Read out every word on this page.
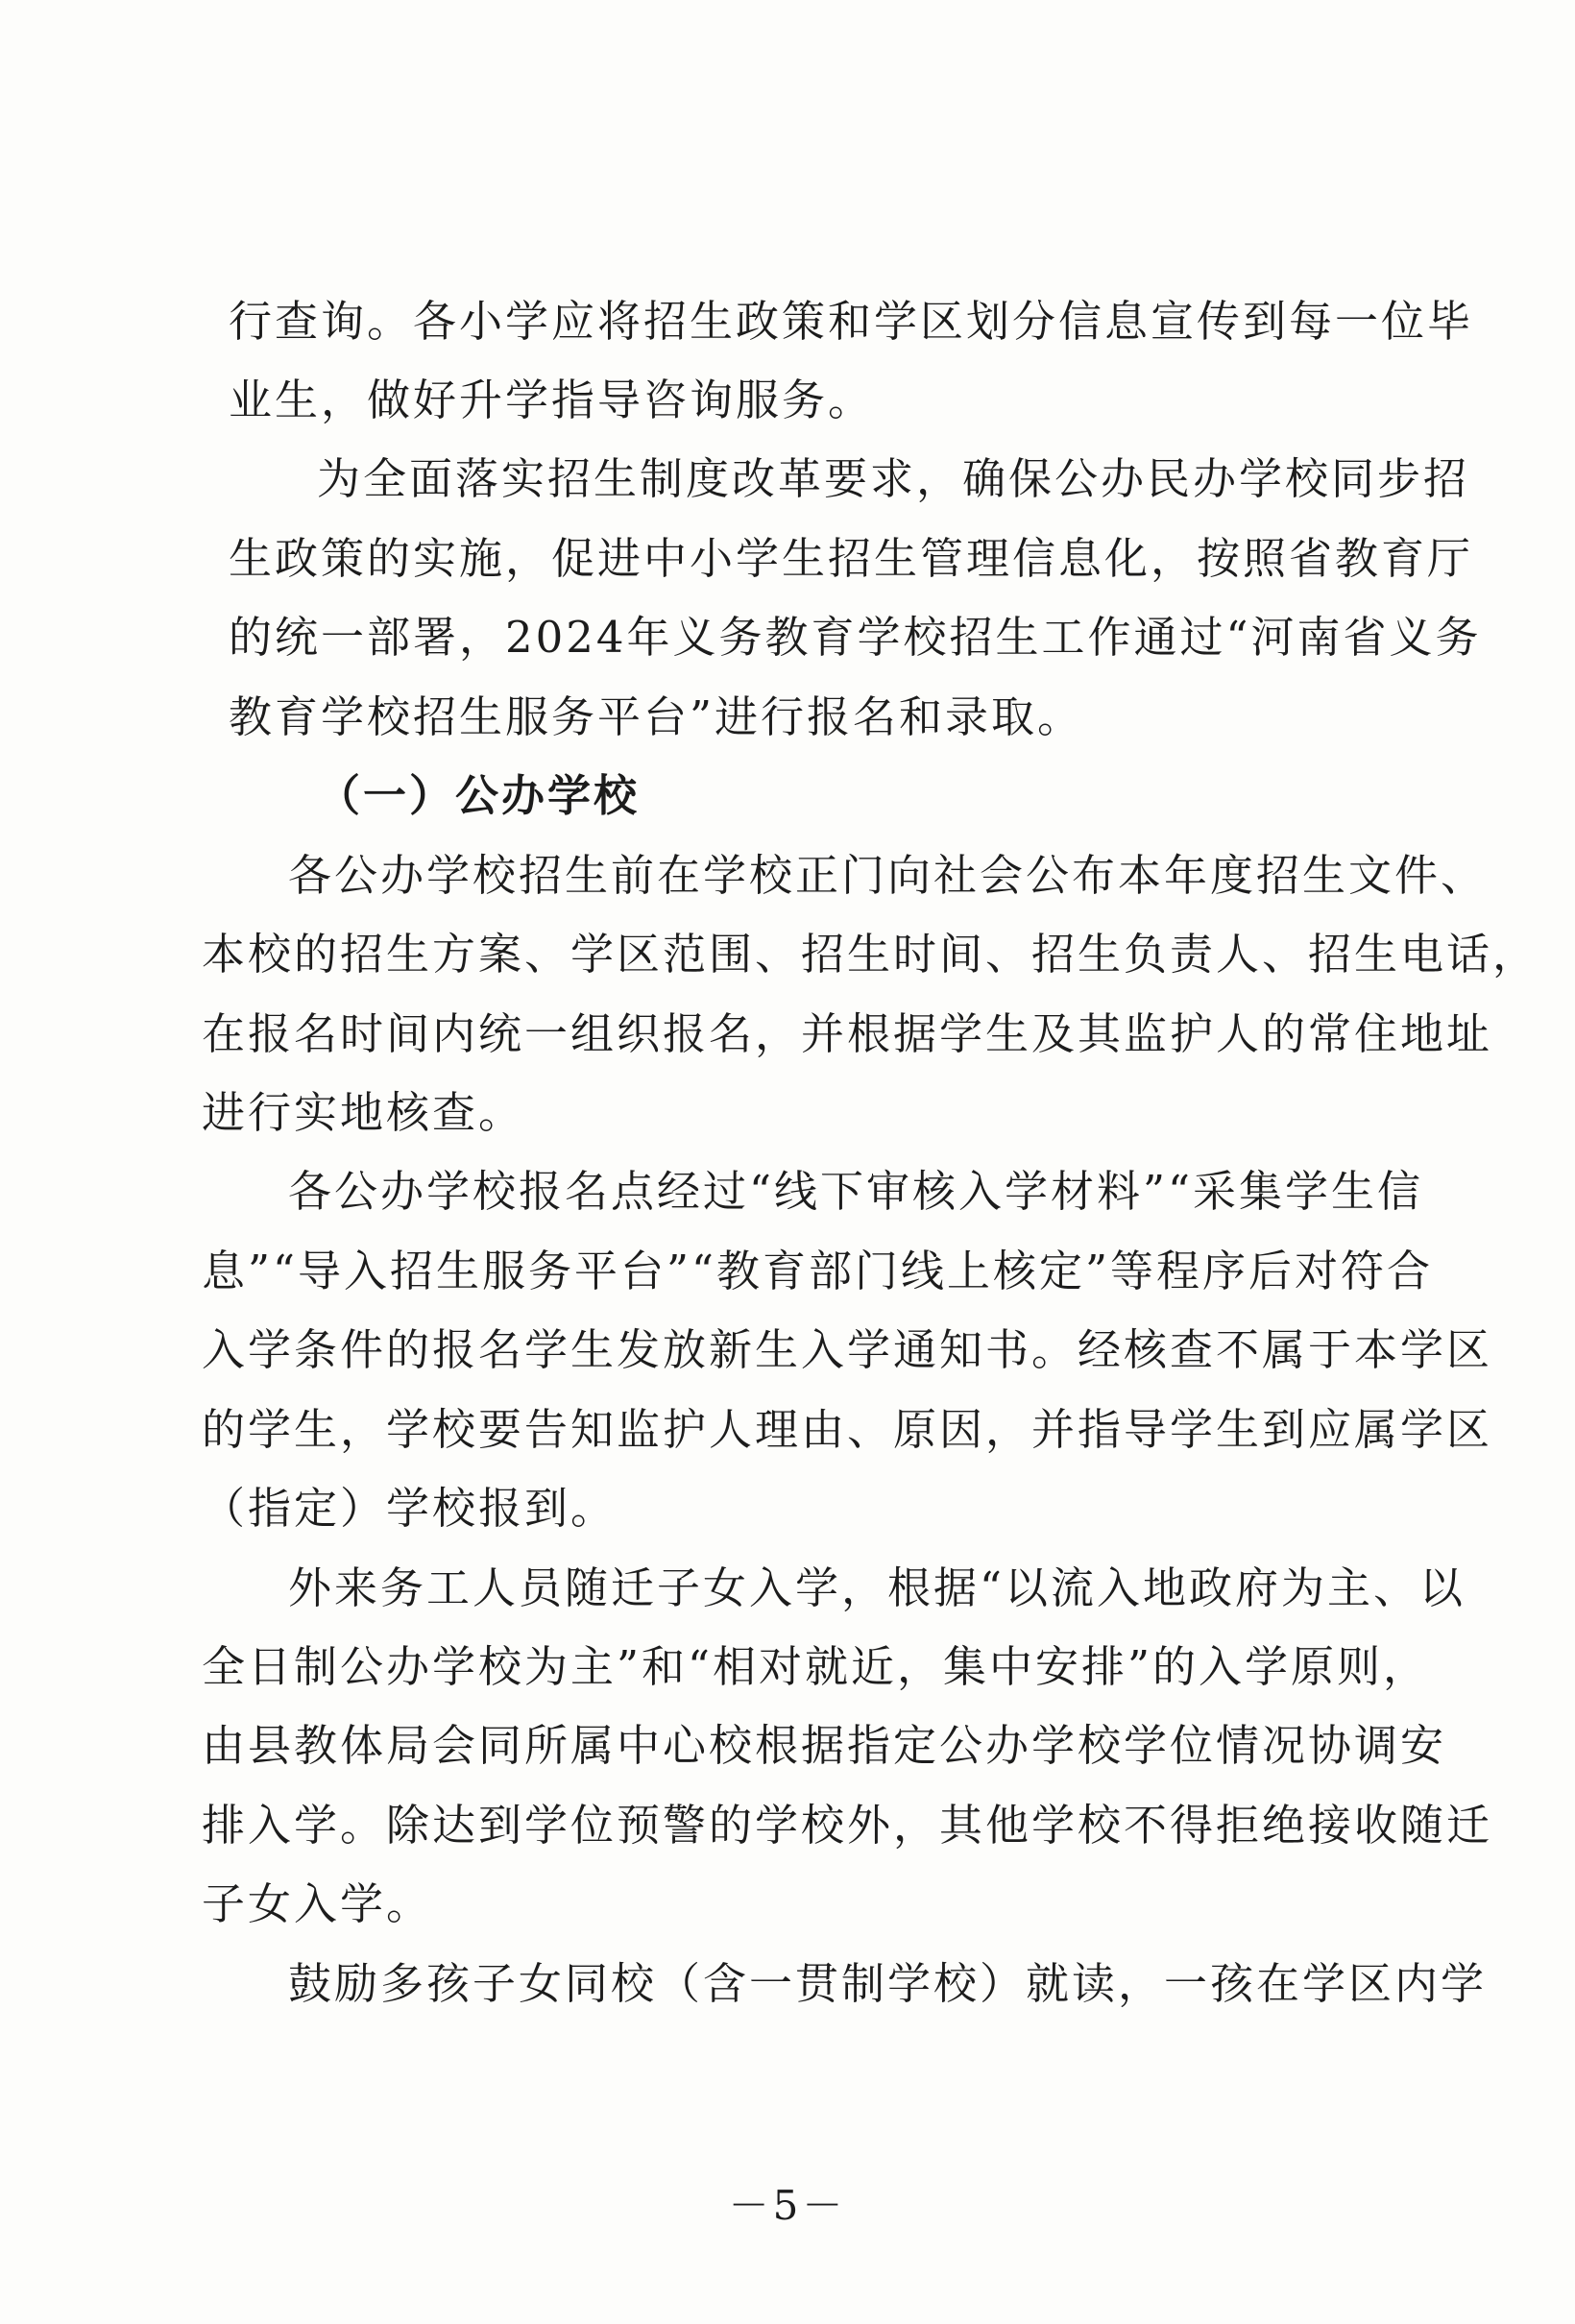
行查询。各小学应将招生政策和学区划分信息宣传到每一位毕
业生，做好升学指导咨询服务。
为全面落实招生制度改革要求，确保公办民办学校同步招
生政策的实施，促进中小学生招生管理信息化，按照省教育厅
的统一部署，2024年义务教育学校招生工作通过“河南省义务
教育学校招生服务平台”进行报名和录取。
（一）公办学校
各公办学校招生前在学校正门向社会公布本年度招生文件、
本校的招生方案、学区范围、招生时间、招生负责人、招生电话，
在报名时间内统一组织报名，并根据学生及其监护人的常住地址
进行实地核查。
各公办学校报名点经过“线下审核入学材料”“采集学生信
息”“导入招生服务平台”“教育部门线上核定”等程序后对符合
入学条件的报名学生发放新生入学通知书。经核查不属于本学区
的学生，学校要告知监护人理由、原因，并指导学生到应属学区
（指定）学校报到。
外来务工人员随迁子女入学，根据“以流入地政府为主、以
全日制公办学校为主”和“相对就近，集中安排”的入学原则，
由县教体局会同所属中心校根据指定公办学校学位情况协调安
排入学。除达到学位预警的学校外，其他学校不得拒绝接收随迁
子女入学。
鼓励多孩子女同校（含一贯制学校）就读，一孩在学区内学
－5－
